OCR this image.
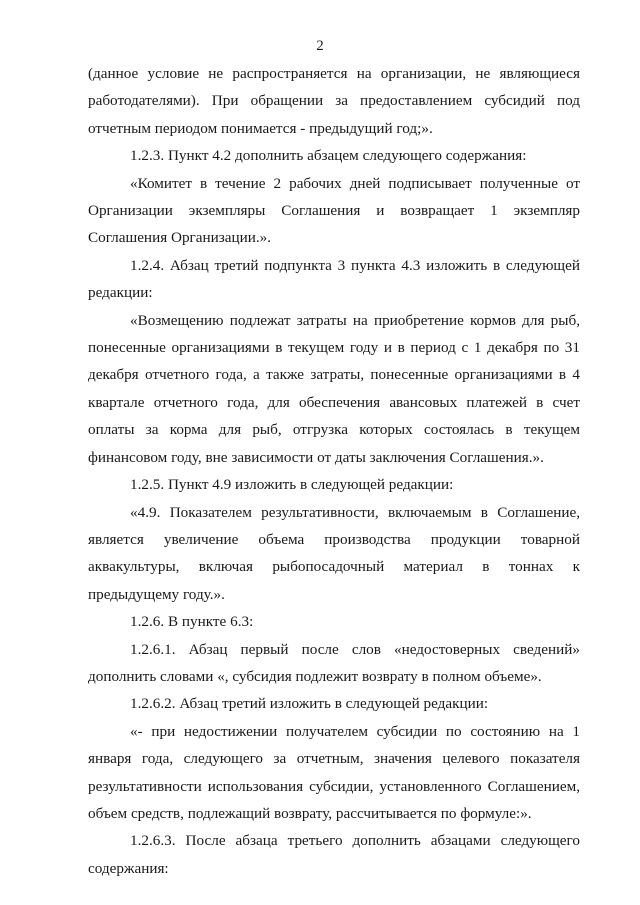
2

(данное условие не распространяется на организации, не являющиеся работодателями). При обращении за предоставлением субсидий под отчетным периодом понимается - предыдущий год;».

1.2.3. Пункт 4.2 дополнить абзацем следующего содержания:

«Комитет в течение 2 рабочих дней подписывает полученные от Организации экземпляры Соглашения и возвращает 1 экземпляр Соглашения Организации.».

1.2.4. Абзац третий подпункта 3 пункта 4.3 изложить в следующей редакции:

«Возмещению подлежат затраты на приобретение кормов для рыб, понесенные организациями в текущем году и в период с 1 декабря по 31 декабря отчетного года, а также затраты, понесенные организациями в 4 квартале отчетного года, для обеспечения авансовых платежей в счет оплаты за корма для рыб, отгрузка которых состоялась в текущем финансовом году, вне зависимости от даты заключения Соглашения.».

1.2.5. Пункт 4.9 изложить в следующей редакции:

«4.9. Показателем результативности, включаемым в Соглашение, является увеличение объема производства продукции товарной аквакультуры, включая рыбопосадочный материал в тоннах к предыдущему году.».

1.2.6. В пункте 6.3:

1.2.6.1. Абзац первый после слов «недостоверных сведений» дополнить словами «, субсидия подлежит возврату в полном объеме».

1.2.6.2. Абзац третий изложить в следующей редакции:

«- при недостижении получателем субсидии по состоянию на 1 января года, следующего за отчетным, значения целевого показателя результативности использования субсидии, установленного Соглашением, объем средств, подлежащий возврату, рассчитывается по формуле:».

1.2.6.3. После абзаца третьего дополнить абзацами следующего содержания:
